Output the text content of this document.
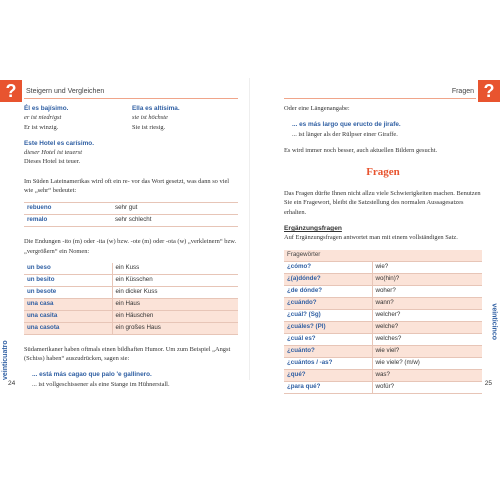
?	?
Steigern und Vergleichen	Fragen
Él es bajísimo.
er ist niedrigst
Er ist winzig.
Ella es altísima.
sie ist höchste
Sie ist riesig.
Este Hotel es carísimo.
dieser Hotel ist teuerst
Dieses Hotel ist teuer.

Im Süden Lateinamerikas wird oft ein re- vor das Wort gesetzt, was dann so viel wie „sehr“ bedeutet:

rebueno	sehr gut
remalo	sehr schlecht

Die Endungen -ito (m) oder -ita (w) bzw. -ote (m) oder -ota (w) „verkleinern“ bzw. „vergrößern“ ein Nomen:

un beso	ein Kuss
un besito	ein Küsschen
un besote	ein dicker Kuss
una casa	ein Haus
una casita	ein Häuschen
una casota	ein großes Haus

Südamerikaner haben oftmals einen bildhaften Humor. Um zum Beispiel „Angst (Schiss) haben“ auszudrücken, sagen sie:

... está más cagao que palo 'e gallinero.
... ist vollgeschissener als eine Stange im Hühnerstall.

Oder eine Längenangabe:

... es más largo que eructo de jirafe.
... ist länger als der Rülpser einer Giraffe.

Es wird immer noch besser, auch aktuellen Bildern gesucht.

Fragen

Das Fragen dürfte Ihnen nicht allzu viele Schwierigkeiten machen. Benutzen Sie ein Fragewort, bleibt die Satzstellung des normalen Aussagesatzes erhalten.

Ergänzungsfragen

Auf Ergänzungsfragen antwortet man mit einem vollständigen Satz.

Fragewörter	
¿cómo?	wie?
¿(a)dónde?	wo(hin)?
¿de dónde?	woher?
¿cuándo?	wann?
¿cuál? (Sg)	welcher?
¿cuáles? (Pl)	welche?
¿cuál es?	welches?
¿cuánto?	wie viel?
¿cuántos / -as?	wie viele? (m/w)
¿qué?	was?
¿para qué?	wofür?
veinticuatro
veinticinco
24	25
